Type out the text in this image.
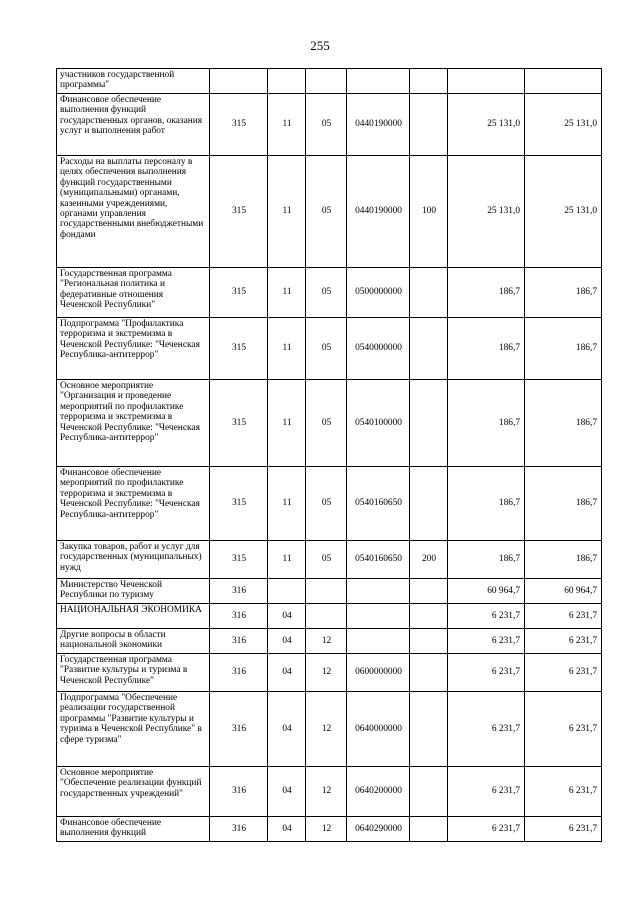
255
участников государственной программы"							
Финансовое обеспечение выполнения функций государственных органов, оказания услуг и выполнения работ	315	11	05	0440190000		25 131,0	25 131,0
Расходы на выплаты персоналу в целях обеспечения выполнения функций государственными (муниципальными) органами, казенными учреждениями, органами управления государственными внебюджетными фондами	315	11	05	0440190000	100	25 131,0	25 131,0
Государственная программа "Региональная политика и федеративные отношения Чеченской Республики"	315	11	05	0500000000		186,7	186,7
Подпрограмма "Профилактика терроризма и экстремизма в Чеченской Республике: "Чеченская Республика-антитеррор"	315	11	05	0540000000		186,7	186,7
Основное мероприятие "Организация и проведение мероприятий по профилактике терроризма и экстремизма в Чеченской Республике: "Чеченская Республика-антитеррор"	315	11	05	0540100000		186,7	186,7
Финансовое обеспечение мероприятий по профилактике терроризма и экстремизма в Чеченской Республике: "Чеченская Республика-антитеррор"	315	11	05	0540160650		186,7	186,7
Закупка товаров, работ и услуг для государственных (муниципальных) нужд	315	11	05	0540160650	200	186,7	186,7
Министерство Чеченской Республики по туризму	316					60 964,7	60 964,7
НАЦИОНАЛЬНАЯ ЭКОНОМИКА	316	04				6 231,7	6 231,7
Другие вопросы в области национальной экономики	316	04	12			6 231,7	6 231,7
Государственная программа "Развитие культуры и туризма в Чеченской Республике"	316	04	12	0600000000		6 231,7	6 231,7
Подпрограмма "Обеспечение реализации государственной программы "Развитие культуры и туризма в Чеченской Республике" в сфере туризма"	316	04	12	0640000000		6 231,7	6 231,7
Основное мероприятие "Обеспечение реализации функций государственных учреждений"	316	04	12	0640200000		6 231,7	6 231,7
Финансовое обеспечение выполнения функций	316	04	12	0640290000		6 231,7	6 231,7
